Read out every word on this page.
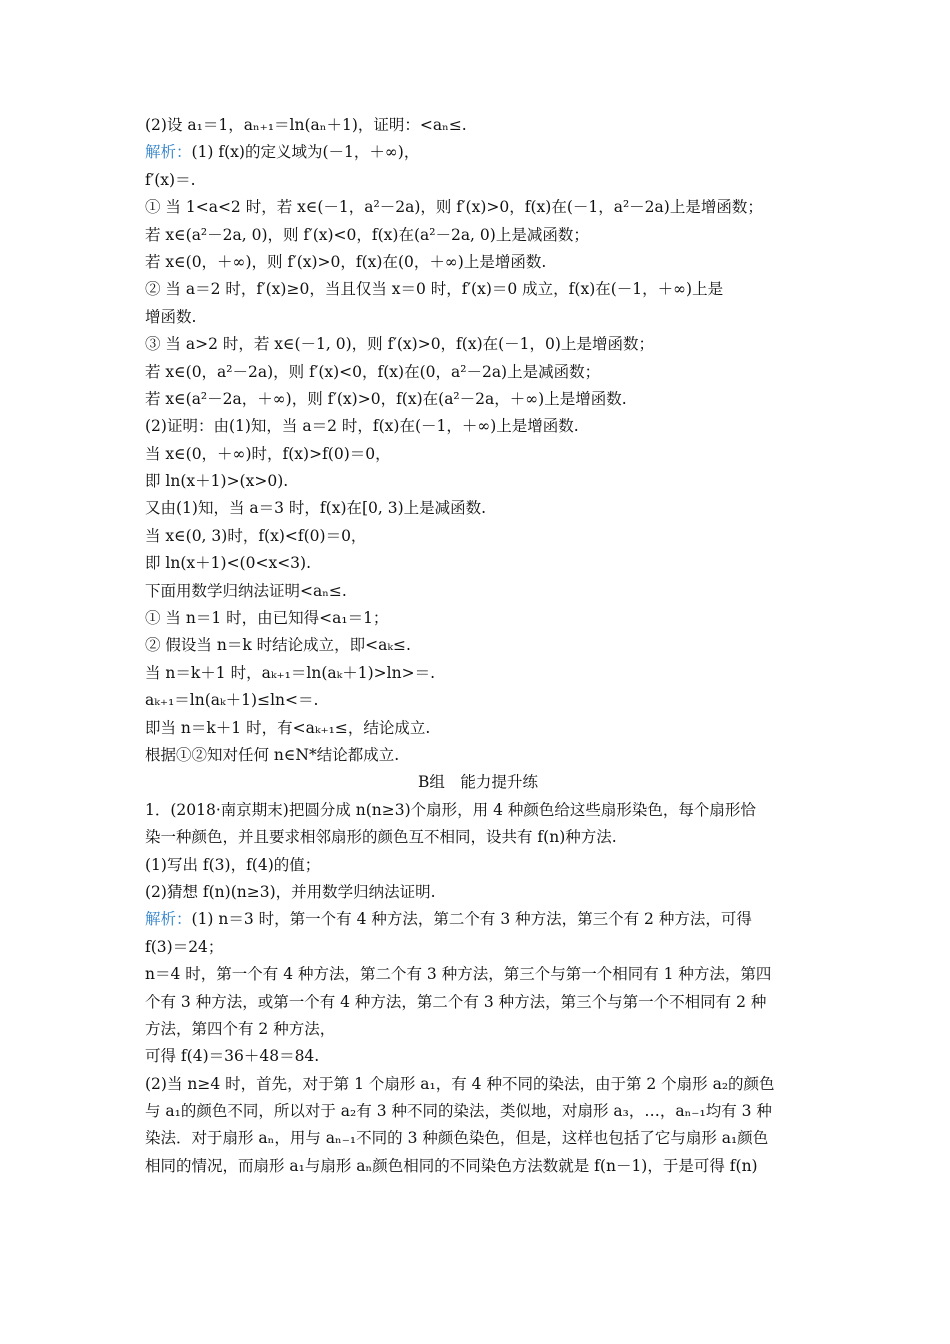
(2)设 a₁＝1，aₙ₊₁＝ln(aₙ＋1)，证明：<aₙ≤.
解析：(1) f(x)的定义域为(－1，＋∞)，
f′(x)＝.
① 当 1<a<2 时，若 x∈(－1，a²－2a)，则 f′(x)>0，f(x)在(－1，a²－2a)上是增函数；
若 x∈(a²－2a, 0)，则 f′(x)<0，f(x)在(a²－2a, 0)上是减函数；
若 x∈(0，＋∞)，则 f′(x)>0，f(x)在(0，＋∞)上是增函数.
② 当 a＝2 时，f′(x)≥0，当且仅当 x＝0 时，f′(x)＝0 成立，f(x)在(－1，＋∞)上是
增函数.
③ 当 a>2 时，若 x∈(－1, 0)，则 f′(x)>0，f(x)在(－1，0)上是增函数；
若 x∈(0，a²－2a)，则 f′(x)<0，f(x)在(0，a²－2a)上是减函数；
若 x∈(a²－2a，＋∞)，则 f′(x)>0，f(x)在(a²－2a，＋∞)上是增函数.
(2)证明：由(1)知，当 a＝2 时，f(x)在(－1，＋∞)上是增函数.
当 x∈(0，＋∞)时，f(x)>f(0)＝0，
即 ln(x＋1)>(x>0).
又由(1)知，当 a＝3 时，f(x)在[0, 3)上是减函数.
当 x∈(0, 3)时，f(x)<f(0)＝0，
即 ln(x＋1)<(0<x<3).
下面用数学归纳法证明<aₙ≤.
① 当 n＝1 时，由已知得<a₁＝1；
② 假设当 n＝k 时结论成立，即<aₖ≤.
当 n＝k＋1 时，aₖ₊₁＝ln(aₖ＋1)>ln>＝.
aₖ₊₁＝ln(aₖ＋1)≤ln<＝.
即当 n＝k＋1 时，有<aₖ₊₁≤，结论成立.
根据①②知对任何 n∈N*结论都成立.
B组　能力提升练
1．(2018·南京期末)把圆分成 n(n≥3)个扇形，用 4 种颜色给这些扇形染色，每个扇形恰
染一种颜色，并且要求相邻扇形的颜色互不相同，设共有 f(n)种方法.
(1)写出 f(3)，f(4)的值；
(2)猜想 f(n)(n≥3)，并用数学归纳法证明.
解析：(1) n＝3 时，第一个有 4 种方法，第二个有 3 种方法，第三个有 2 种方法，可得
f(3)＝24；
n＝4 时，第一个有 4 种方法，第二个有 3 种方法，第三个与第一个相同有 1 种方法，第四
个有 3 种方法，或第一个有 4 种方法，第二个有 3 种方法，第三个与第一个不相同有 2 种
方法，第四个有 2 种方法，
可得 f(4)＝36＋48＝84.
(2)当 n≥4 时，首先，对于第 1 个扇形 a₁，有 4 种不同的染法，由于第 2 个扇形 a₂的颜色
与 a₁的颜色不同，所以对于 a₂有 3 种不同的染法，类似地，对扇形 a₃，…，aₙ₋₁均有 3 种
染法．对于扇形 aₙ，用与 aₙ₋₁不同的 3 种颜色染色，但是，这样也包括了它与扇形 a₁颜色
相同的情况，而扇形 a₁与扇形 aₙ颜色相同的不同染色方法数就是 f(n－1)，于是可得 f(n)
